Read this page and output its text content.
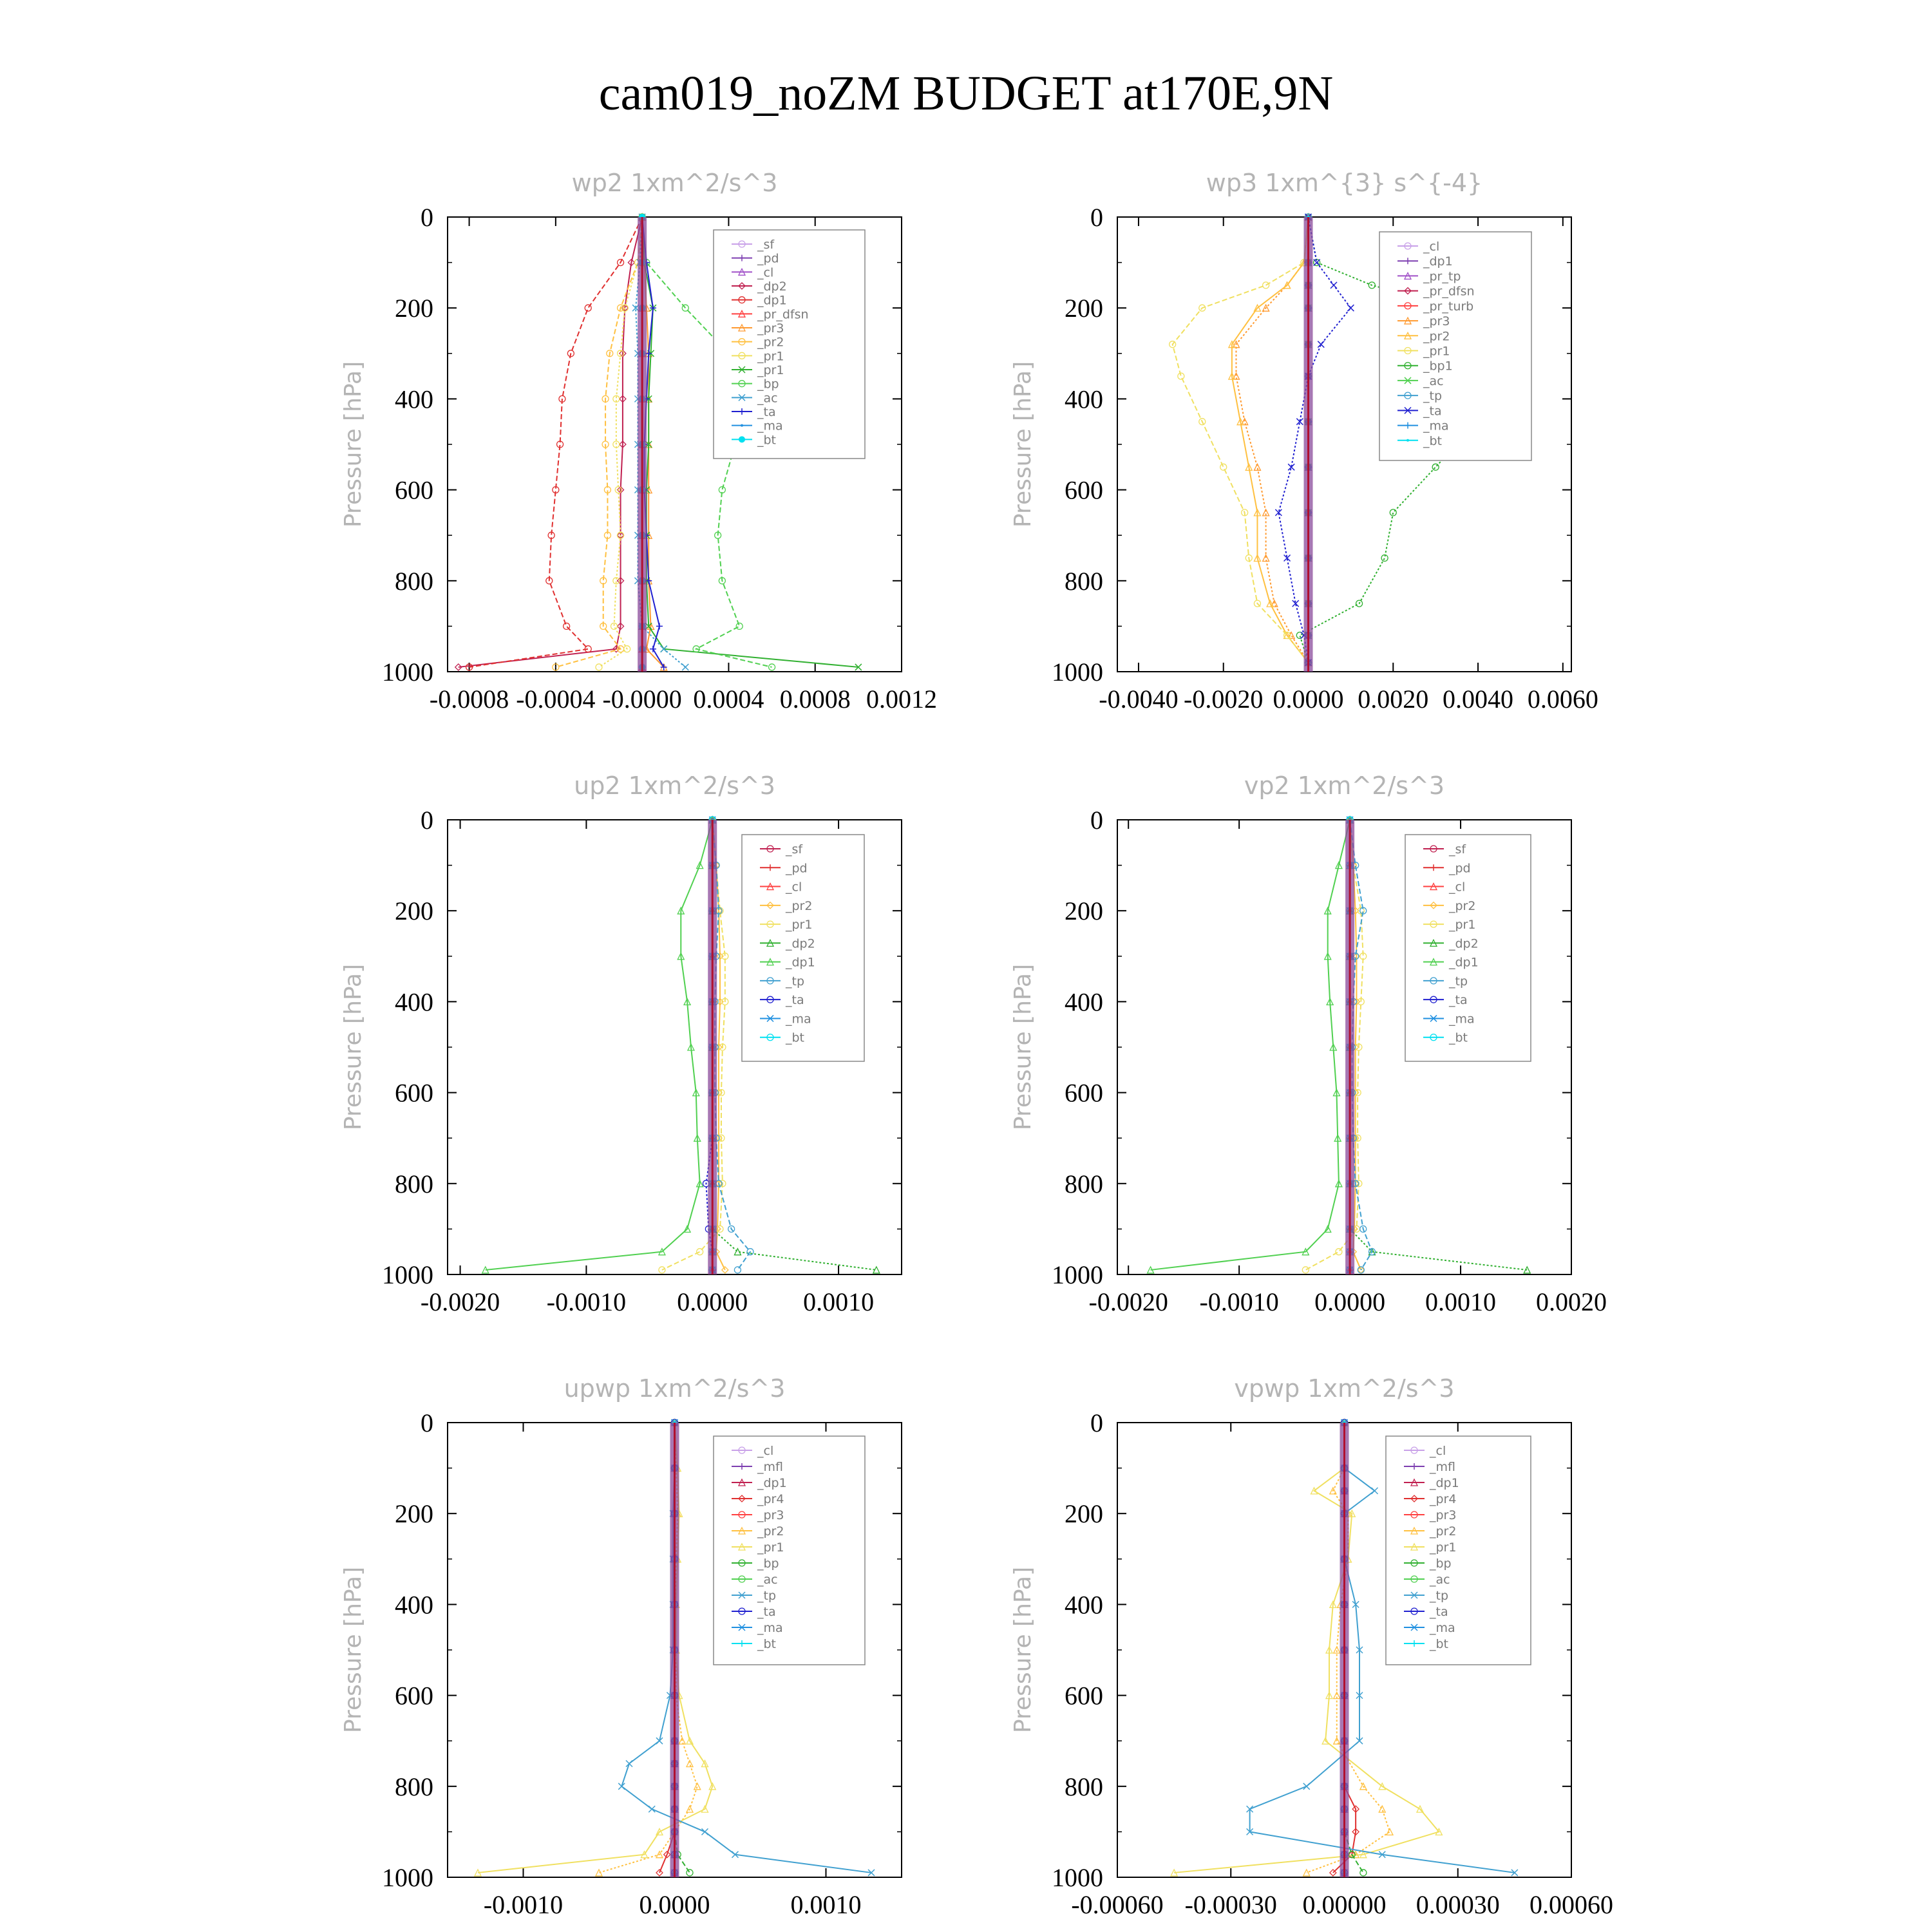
cam019_noZM BUDGET at170E,9N
wp2 1xm^2/s^3
Pressure [hPa]
0
200
400
600
800
1000
-0.0008 -0.0004 -0.0000 0.0004 0.0008 0.0012
_sf
_pd
_cl
_dp2
_dp1
_pr_dfsn
_pr3
_pr2
_pr1
_pr1
_bp
_ac
_ta
_ma
_bt
wp3 1xm^{3} s^{-4}
Pressure [hPa]
0
200
400
600
800
1000
-0.0040 -0.0020 0.0000 0.0020 0.0040 0.0060
_cl
_dp1
_pr_tp
_pr_dfsn
_pr_turb
_pr3
_pr2
_pr1
_bp1
_ac
_tp
_ta
_ma
_bt
up2 1xm^2/s^3
Pressure [hPa]
0
200
400
600
800
1000
-0.0020 -0.0010 0.0000 0.0010
_sf
_pd
_cl
_pr2
_pr1
_dp2
_dp1
_tp
_ta
_ma
_bt
vp2 1xm^2/s^3
Pressure [hPa]
0
200
400
600
800
1000
-0.0020 -0.0010 0.0000 0.0010 0.0020
_sf
_pd
_cl
_pr2
_pr1
_dp2
_dp1
_tp
_ta
_ma
_bt
upwp 1xm^2/s^3
Pressure [hPa]
0
200
400
600
800
1000
-0.0010	0.0000	0.0010
_cl
_mfl
_dp1
_pr4
_pr3
_pr2
_pr1
_bp
_ac
_tp
_ta
_ma
_bt
vpwp 1xm^2/s^3
Pressure [hPa]
0
200
400
600
800
1000
-0.00060 -0.00030 0.00000 0.00030 0.00060
_cl
_mfl
_dp1
_pr4
_pr3
_pr2
_pr1
_bp
_ac
_tp
_ta
_ma
_bt
